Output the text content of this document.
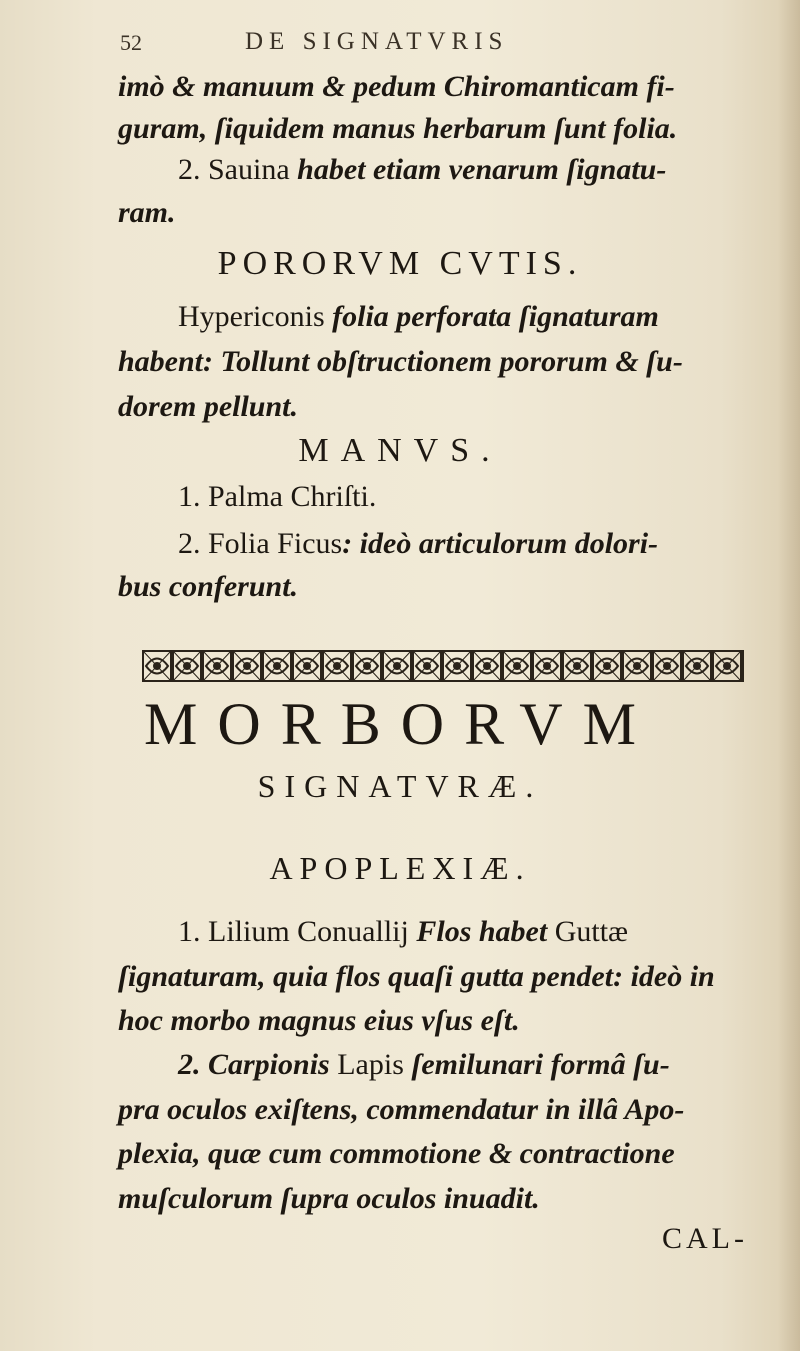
52	DE SIGNATVRIS
imò & manuum & pedum Chiromanticam fi-
guram, ſiquidem manus herbarum ſunt folia.
2. Sauina habet etiam venarum ſignatu-
ram.
PORORVM CVTIS.
Hypericonis folia perforata ſignaturam
habent: Tollunt obſtructionem pororum & ſu-
dorem pellunt.
MANVS.
1. Palma Chriſti.
2. Folia Ficus: ideò articulorum dolori-
bus conferunt.
MORBORVM
SIGNATVRÆ.
APOPLEXIÆ.
1. Lilium Conuallij Flos habet Guttæ
ſignaturam, quia flos quaſi gutta pendet: ideò in
hoc morbo magnus eius vſus eſt.
2. Carpionis Lapis ſemilunari formâ ſu-
pra oculos exiſtens, commendatur in illâ Apo-
plexia, quæ cum commotione & contractione
muſculorum ſupra oculos inuadit.
CAL-
